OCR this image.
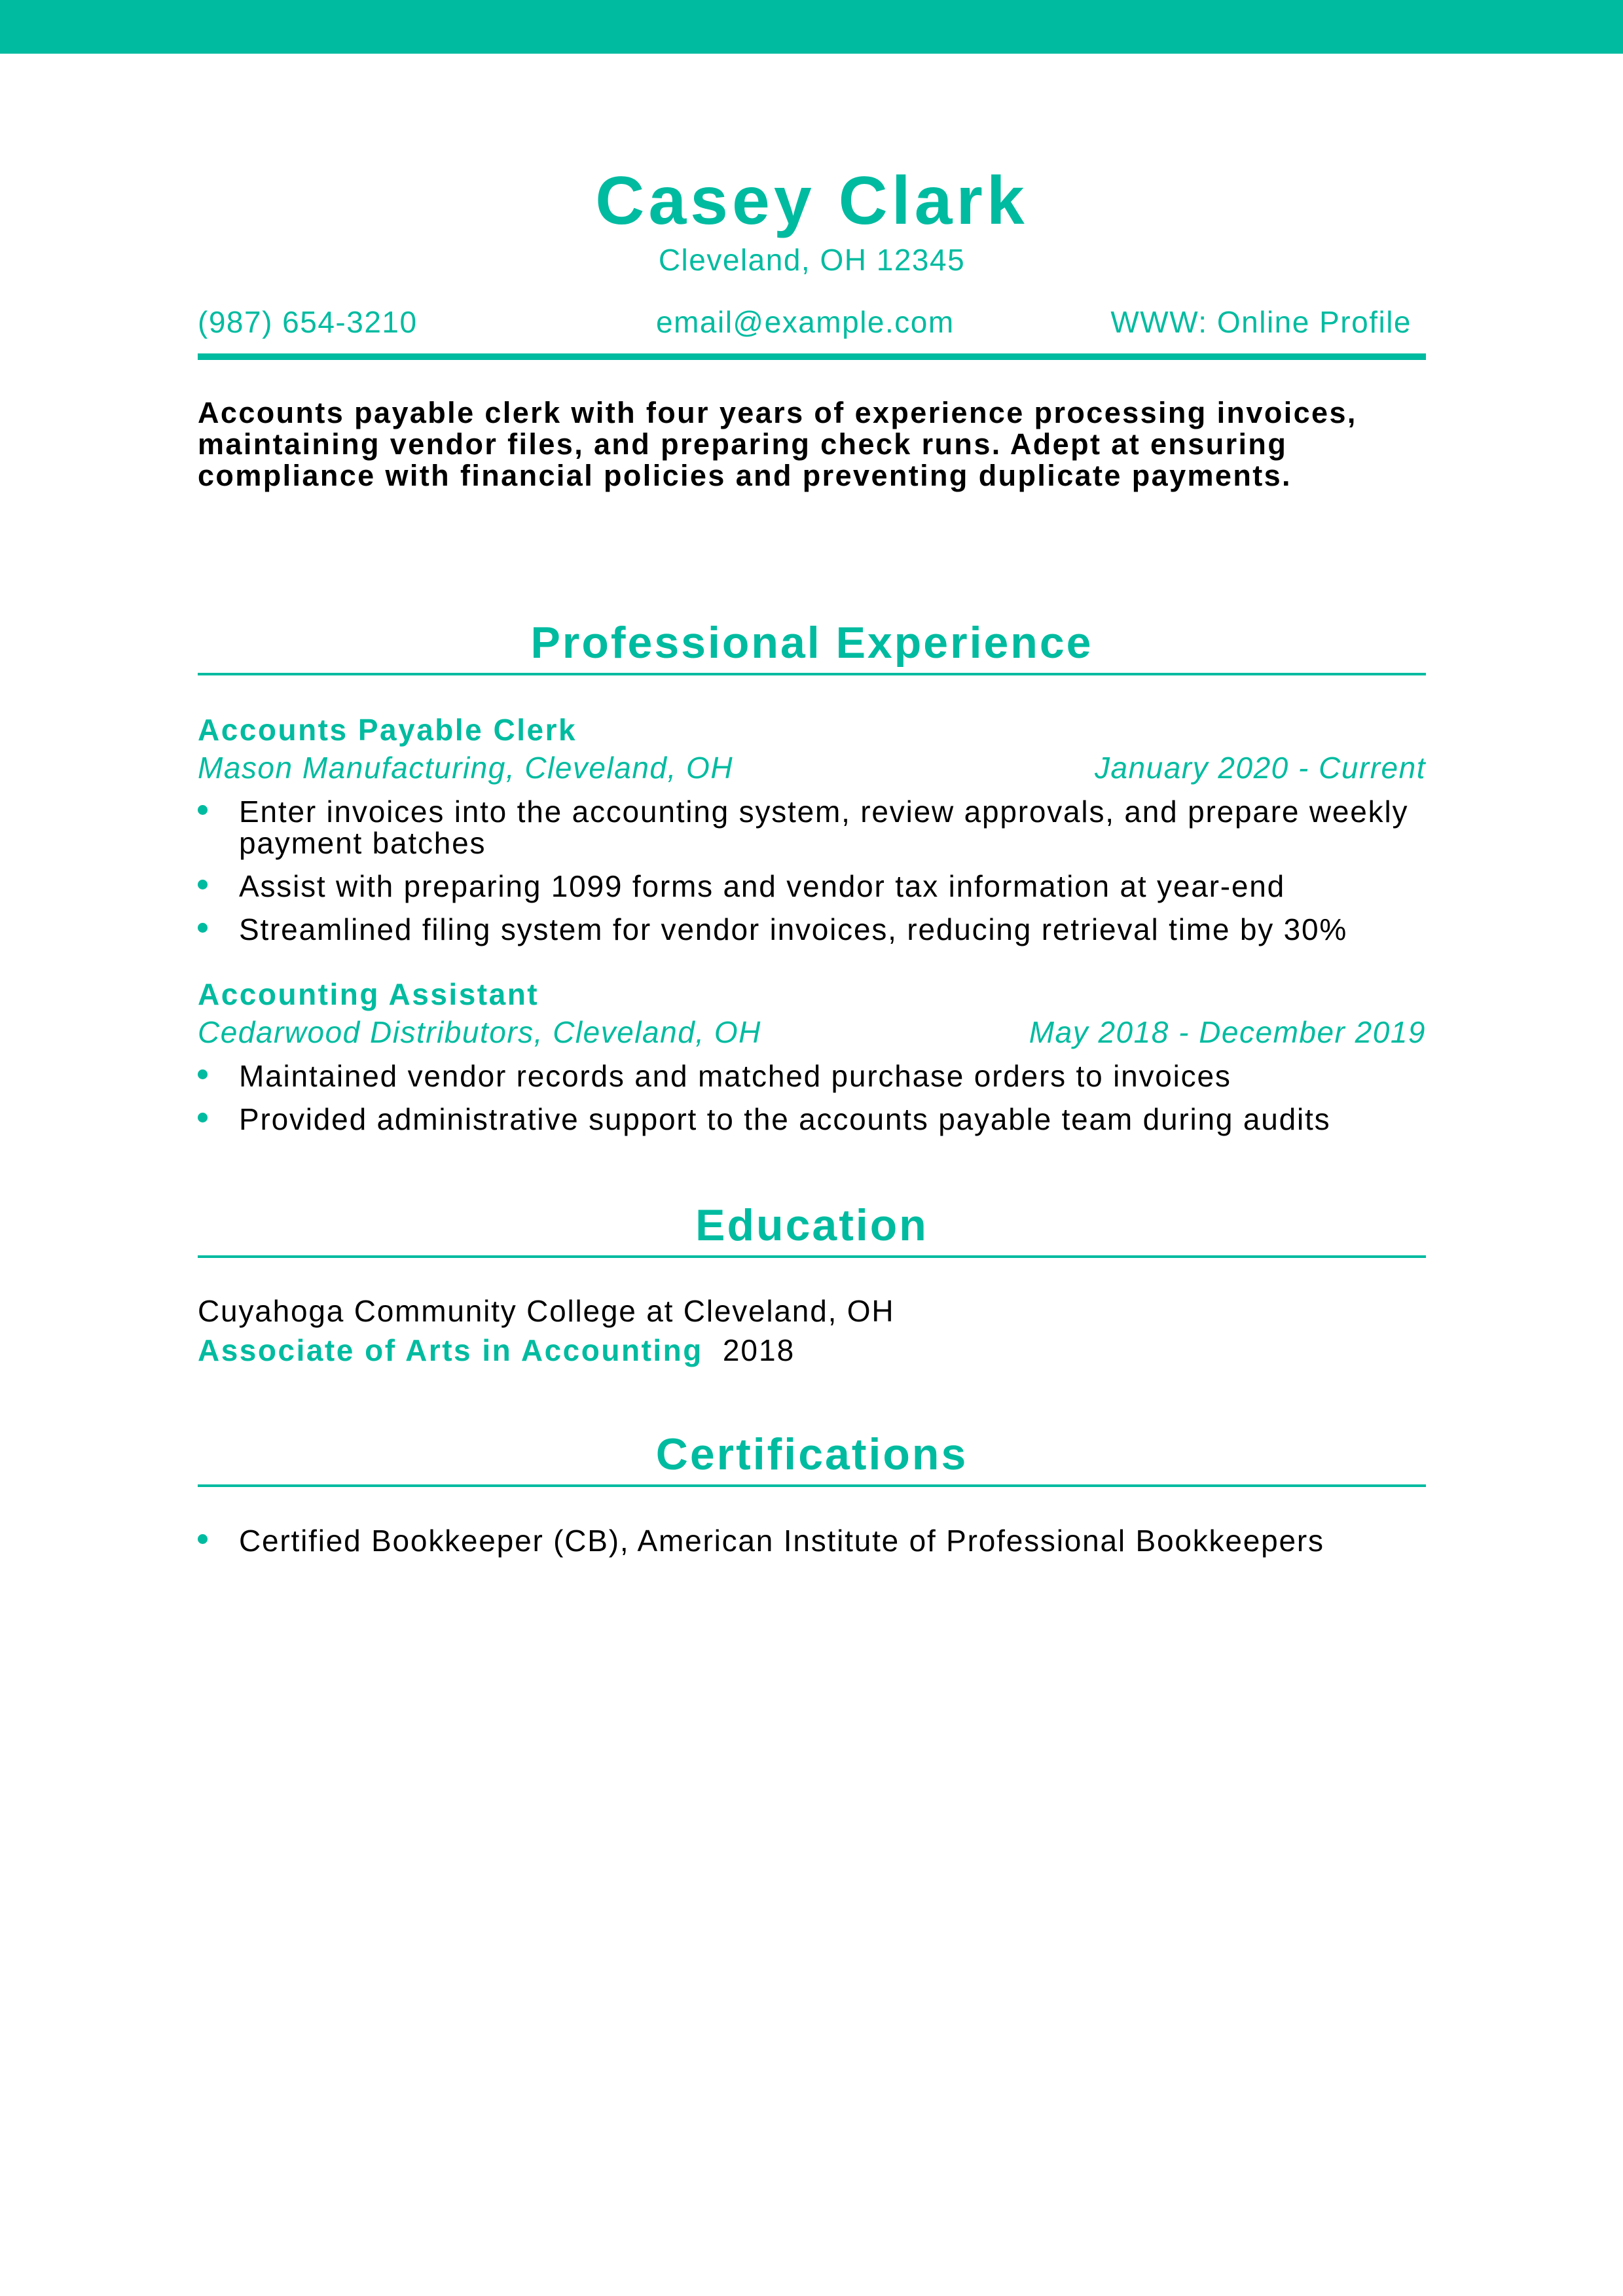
Casey Clark
Cleveland, OH 12345
(987) 654-3210	email@example.com	WWW: Online Profile
Accounts payable clerk with four years of experience processing invoices, maintaining vendor files, and preparing check runs. Adept at ensuring compliance with financial policies and preventing duplicate payments.
Professional Experience
Accounts Payable Clerk
Mason Manufacturing, Cleveland, OH	January 2020 - Current
Enter invoices into the accounting system, review approvals, and prepare weekly payment batches
Assist with preparing 1099 forms and vendor tax information at year-end
Streamlined filing system for vendor invoices, reducing retrieval time by 30%
Accounting Assistant
Cedarwood Distributors, Cleveland, OH	May 2018 - December 2019
Maintained vendor records and matched purchase orders to invoices
Provided administrative support to the accounts payable team during audits
Education
Cuyahoga Community College at Cleveland, OH
Associate of Arts in Accounting 2018
Certifications
Certified Bookkeeper (CB), American Institute of Professional Bookkeepers
